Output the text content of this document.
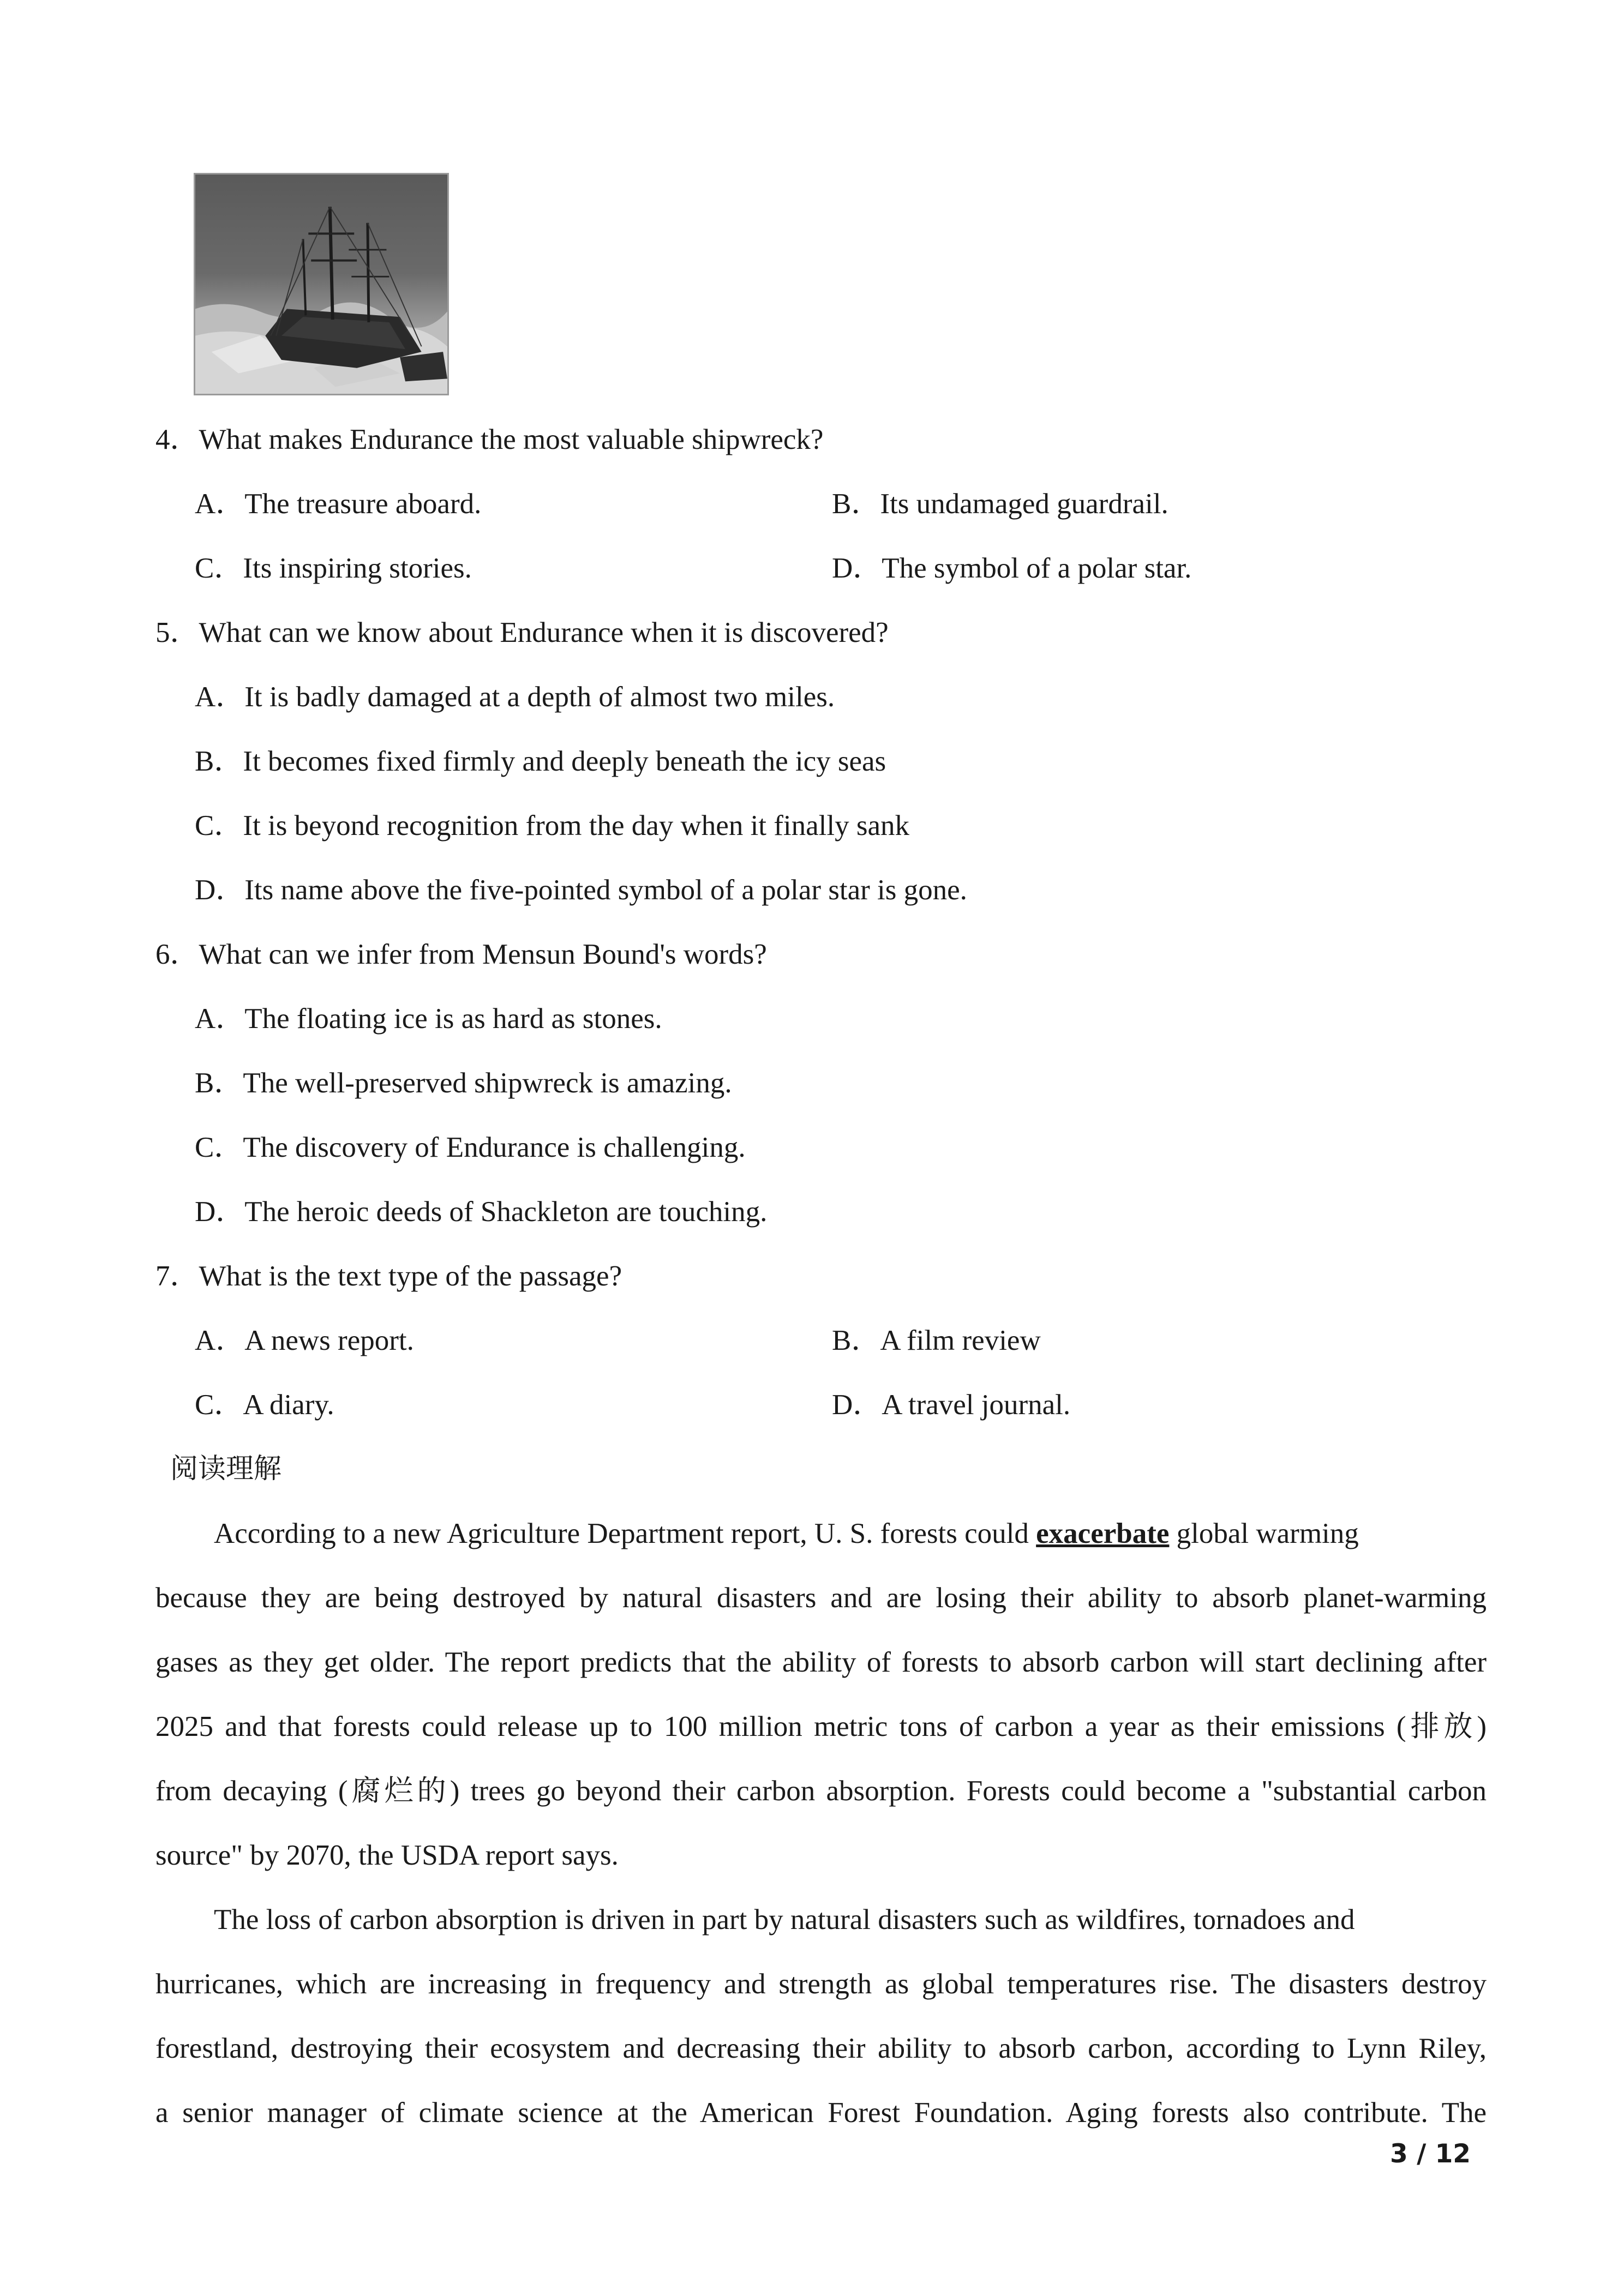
4．What makes Endurance the most valuable shipwreck?
A．The treasure aboard.	B．Its undamaged guardrail.
C．Its inspiring stories.	D．The symbol of a polar star.
5．What can we know about Endurance when it is discovered?
A．It is badly damaged at a depth of almost two miles.
B．It becomes fixed firmly and deeply beneath the icy seas
C．It is beyond recognition from the day when it finally sank
D．Its name above the five-pointed symbol of a polar star is gone.
6．What can we infer from Mensun Bound's words?
A．The floating ice is as hard as stones.
B．The well-preserved shipwreck is amazing.
C．The discovery of Endurance is challenging.
D．The heroic deeds of Shackleton are touching.
7．What is the text type of the passage?
A．A news report.	B．A film review
C．A diary.	D．A travel journal.
阅读理解
According to a new Agriculture Department report, U. S. forests could exacerbate global warming
because they are being destroyed by natural disasters and are losing their ability to absorb planet-warming
gases as they get older. The report predicts that the ability of forests to absorb carbon will start declining after
2025 and that forests could release up to 100 million metric tons of carbon a year as their emissions (排放)
from decaying (腐烂的) trees go beyond their carbon absorption. Forests could become a "substantial carbon
source" by 2070, the USDA report says.
The loss of carbon absorption is driven in part by natural disasters such as wildfires, tornadoes and
hurricanes, which are increasing in frequency and strength as global temperatures rise. The disasters destroy
forestland, destroying their ecosystem and decreasing their ability to absorb carbon, according to Lynn Riley,
a senior manager of climate science at the American Forest Foundation. Aging forests also contribute. The
3 / 12
